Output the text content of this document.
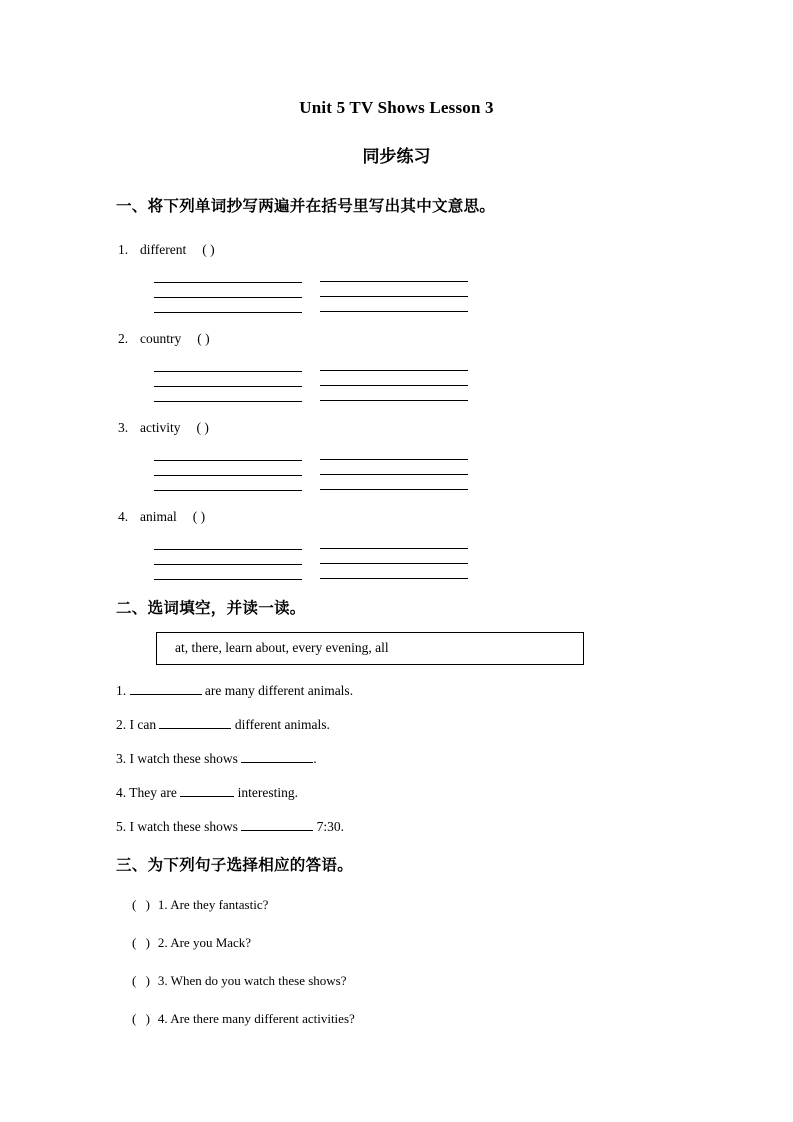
Unit 5 TV Shows Lesson 3
同步练习
一、将下列单词抄写两遍并在括号里写出其中文意思。
1. different ( )
2. country ( )
3. activity ( )
4. animal ( )
二、选词填空，并读一读。
at, there, learn about, every evening, all
1.	are many different animals.
2. I can	different animals.
3. I watch these shows	.
4. They are	interesting.
5. I watch these shows	7:30.
三、为下列句子选择相应的答语。
( ) 1. Are they fantastic?
( ) 2. Are you Mack?
( ) 3. When do you watch these shows?
( ) 4. Are there many different activities?
